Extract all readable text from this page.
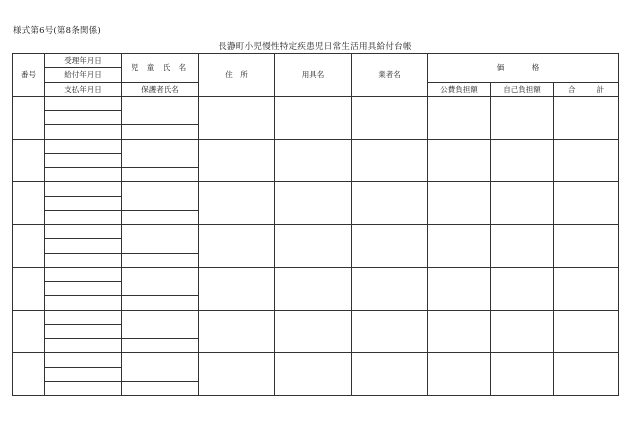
様式第6号(第8条関係)
長瀞町小児慢性特定疾患児日常生活用具給付台帳
番号	受理年月日	児 童 氏 名	住　所	用具名	業者名	価　格		
	給付年月日							
	支払年月日	保護者氏名				公費負担額	自己負担額	合 計
